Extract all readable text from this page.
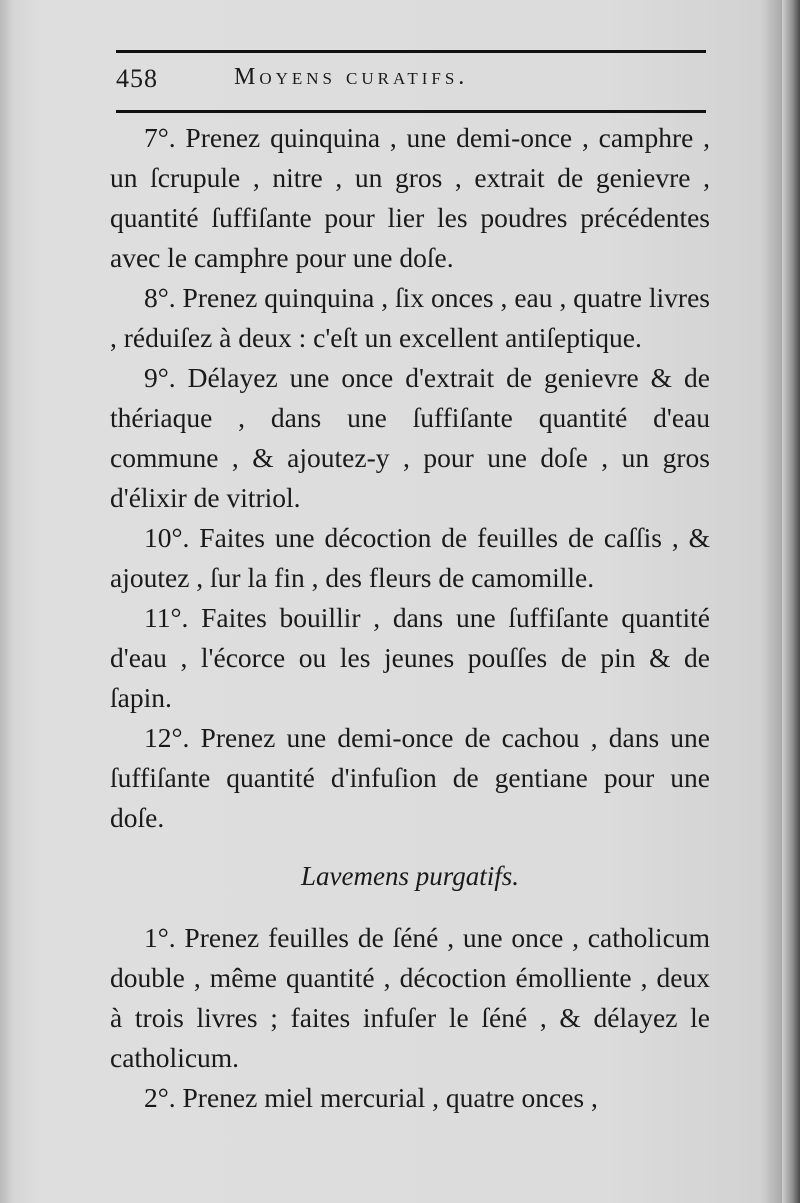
458	Moyens curatifs.

7°. Prenez quinquina , une demi-once , camphre , un ſcrupule , nitre , un gros , extrait de genievre , quantité ſuffiſante pour lier les poudres précédentes avec le camphre pour une doſe.

8°. Prenez quinquina , ſix onces , eau , quatre livres , réduiſez à deux : c'eſt un excellent antiſeptique.

9°. Délayez une once d'extrait de genievre & de thériaque , dans une ſuffiſante quantité d'eau commune , & ajoutez-y , pour une doſe , un gros d'élixir de vitriol.

10°. Faites une décoction de feuilles de caſſis , & ajoutez , ſur la fin , des fleurs de camomille.

11°. Faites bouillir , dans une ſuffiſante quantité d'eau , l'écorce ou les jeunes pouſſes de pin & de ſapin.

12°. Prenez une demi-once de cachou , dans une ſuffiſante quantité d'infuſion de gentiane pour une doſe.

Lavemens purgatifs.

1°. Prenez feuilles de ſéné , une once , catholicum double , même quantité , décoction émolliente , deux à trois livres ; faites infuſer le ſéné , & délayez le catholicum.

2°. Prenez miel mercurial , quatre onces ,
